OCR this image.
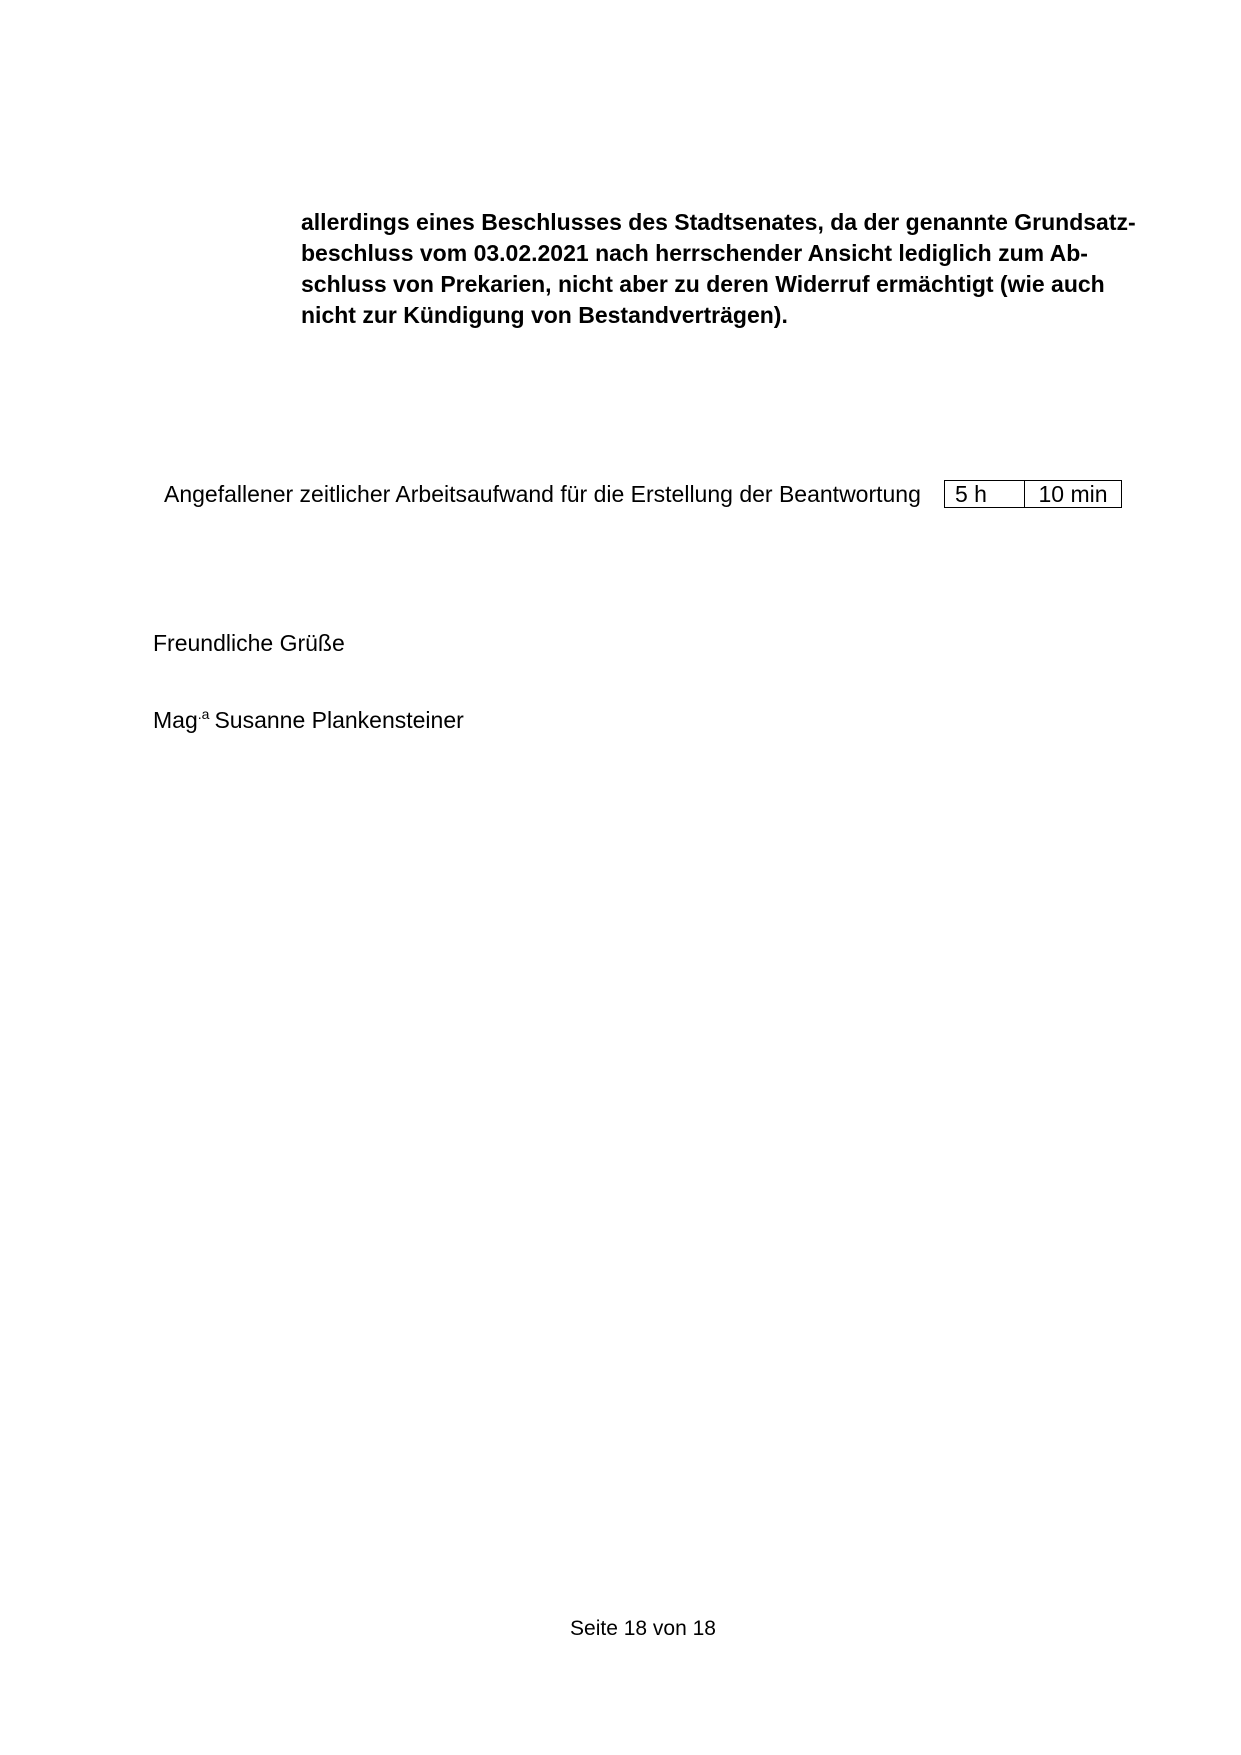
allerdings eines Beschlusses des Stadtsenates, da der genannte Grundsatz-
beschluss vom 03.02.2021 nach herrschender Ansicht lediglich zum Ab-
schluss von Prekarien, nicht aber zu deren Widerruf ermächtigt (wie auch
nicht zur Kündigung von Bestandverträgen).
Angefallener zeitlicher Arbeitsaufwand für die Erstellung der Beantwortung	5 h	10 min
Freundliche Grüße
Mag$^{.a}$ Susanne Plankensteiner
Seite 18 von 18
